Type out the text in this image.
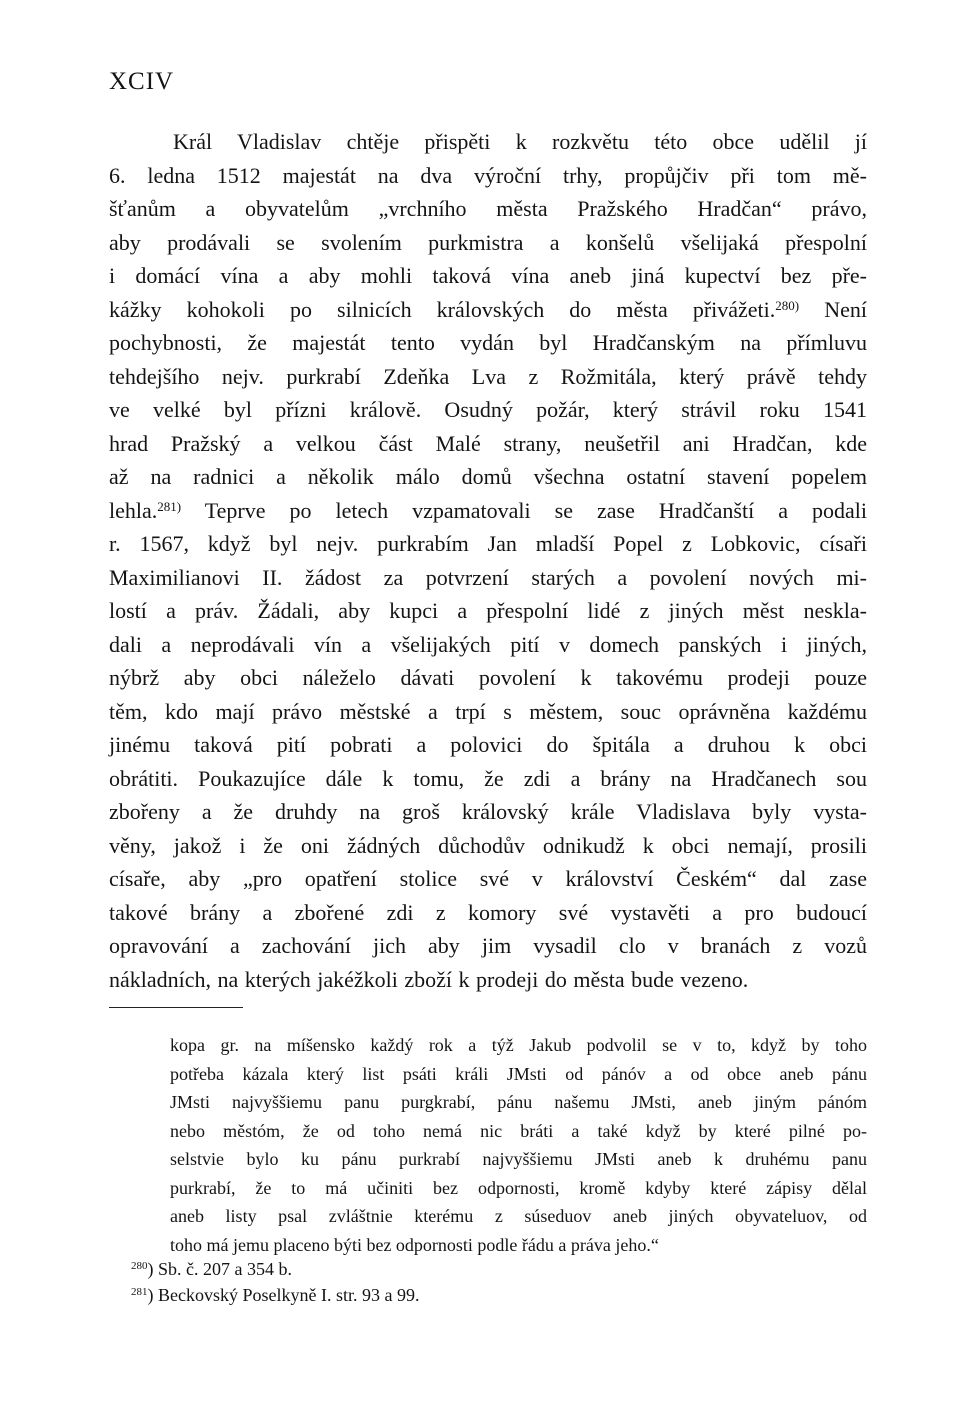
XCIV
Král Vladislav chtěje přispěti k rozkvětu této obce udělil jí
6. ledna 1512 majestát na dva výroční trhy, propůjčiv při tom mě-
šťanům a obyvatelům „vrchního města Pražského Hradčan“ právo,
aby prodávali se svolením purkmistra a konšelů všelijaká přespolní
i domácí vína a aby mohli taková vína aneb jiná kupectví bez pře-
kážky kohokoli po silnicích královských do města přivážeti.$^{280)}$ Není
pochybnosti, že majestát tento vydán byl Hradčanským na přímluvu
tehdejšího nejv. purkrabí Zdeňka Lva z Rožmitála, který právě tehdy
ve velké byl přízni královĕ. Osudný požár, který strávil roku 1541
hrad Pražský a velkou část Malé strany, neušetřil ani Hradčan, kde
až na radnici a několik málo domů všechna ostatní stavení popelem
lehla.$^{281)}$ Teprve po letech vzpamatovali se zase Hradčanští a podali
r. 1567, když byl nejv. purkrabím Jan mladší Popel z Lobkovic, císaři
Maximilianovi II. žádost za potvrzení starých a povolení nových mi-
lostí a práv. Žádali, aby kupci a přespolní lidé z jiných měst neskla-
dali a neprodávali vín a všelijakých pití v domech panských i jiných,
nýbrž aby obci náleželo dávati povolení k takovému prodeji pouze
těm, kdo mají právo městské a trpí s městem, souc oprávněna každému
jinému taková pití pobrati a polovici do špitála a druhou k obci
obrátiti. Poukazujíce dále k tomu, že zdi a brány na Hradčanech sou
zbořeny a že druhdy na groš královský krále Vladislava byly vysta-
věny, jakož i že oni žádných důchodův odnikudž k obci nemají, prosili
císaře, aby „pro opatření stolice své v království Českém“ dal zase
takové brány a zbořené zdi z komory své vystavěti a pro budoucí
opravování a zachování jich aby jim vysadil clo v branách z vozů
nákladních, na kterých jakéžkoli zboží k prodeji do města bude vezeno.
kopa gr. na míšensko každý rok a týž Jakub podvolil se v to, když by toho
potřeba kázala který list psáti králi JMsti od pánóv a od obce aneb pánu
JMsti najvyššiemu panu purgkrabí, pánu našemu JMsti, aneb jiným pánóm
nebo městóm, že od toho nemá nic bráti a také když by které pilné po-
selstvie bylo ku pánu purkrabí najvyššiemu JMsti aneb k druhému panu
purkrabí, že to má učiniti bez odpornosti, kromě kdyby které zápisy dělal
aneb listy psal zvláštnie kterému z súseduov aneb jiných obyvateluov, od
toho má jemu placeno býti bez odpornosti podle řádu a práva jeho.“
$^{280}$) Sb. č. 207 a 354 b.
$^{281}$) Beckovský Poselkyně I. str. 93 a 99.
